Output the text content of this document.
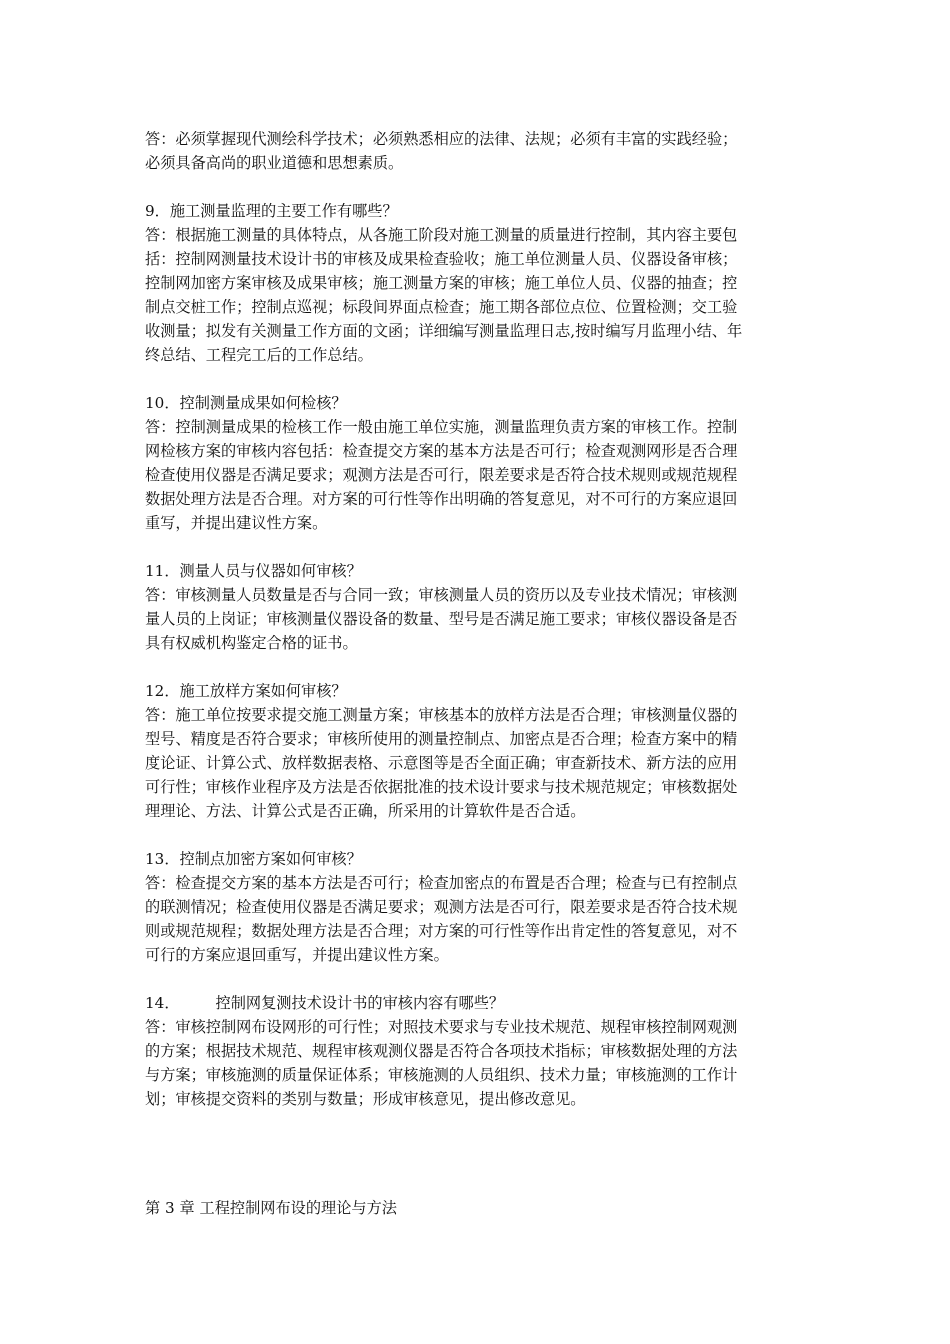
答：必须掌握现代测绘科学技术；必须熟悉相应的法律、法规；必须有丰富的实践经验；
必须具备高尚的职业道德和思想素质。
9．施工测量监理的主要工作有哪些？
答：根据施工测量的具体特点，从各施工阶段对施工测量的质量进行控制，其内容主要包
括：控制网测量技术设计书的审核及成果检查验收；施工单位测量人员、仪器设备审核；
控制网加密方案审核及成果审核；施工测量方案的审核；施工单位人员、仪器的抽查；控
制点交桩工作；控制点巡视；标段间界面点检查；施工期各部位点位、位置检测；交工验
收测量；拟发有关测量工作方面的文函；详细编写测量监理日志,按时编写月监理小结、年
终总结、工程完工后的工作总结。
10．控制测量成果如何检核？
答：控制测量成果的检核工作一般由施工单位实施，测量监理负责方案的审核工作。控制
网检核方案的审核内容包括：检查提交方案的基本方法是否可行；检查观测网形是否合理
检查使用仪器是否满足要求；观测方法是否可行，限差要求是否符合技术规则或规范规程
数据处理方法是否合理。对方案的可行性等作出明确的答复意见，对不可行的方案应退回
重写，并提出建议性方案。
11．测量人员与仪器如何审核？
答：审核测量人员数量是否与合同一致；审核测量人员的资历以及专业技术情况；审核测
量人员的上岗证；审核测量仪器设备的数量、型号是否满足施工要求；审核仪器设备是否
具有权威机构鉴定合格的证书。
12．施工放样方案如何审核？
答：施工单位按要求提交施工测量方案；审核基本的放样方法是否合理；审核测量仪器的
型号、精度是否符合要求；审核所使用的测量控制点、加密点是否合理；检查方案中的精
度论证、计算公式、放样数据表格、示意图等是否全面正确；审查新技术、新方法的应用
可行性；审核作业程序及方法是否依据批准的技术设计要求与技术规范规定；审核数据处
理理论、方法、计算公式是否正确，所采用的计算软件是否合适。
13．控制点加密方案如何审核？
答：检查提交方案的基本方法是否可行；检查加密点的布置是否合理；检查与已有控制点
的联测情况；检查使用仪器是否满足要求；观测方法是否可行，限差要求是否符合技术规
则或规范规程；数据处理方法是否合理；对方案的可行性等作出肯定性的答复意见，对不
可行的方案应退回重写，并提出建议性方案。
14． 控制网复测技术设计书的审核内容有哪些？
答：审核控制网布设网形的可行性；对照技术要求与专业技术规范、规程审核控制网观测
的方案；根据技术规范、规程审核观测仪器是否符合各项技术指标；审核数据处理的方法
与方案；审核施测的质量保证体系；审核施测的人员组织、技术力量；审核施测的工作计
划；审核提交资料的类别与数量；形成审核意见，提出修改意见。
第 3 章 工程控制网布设的理论与方法
